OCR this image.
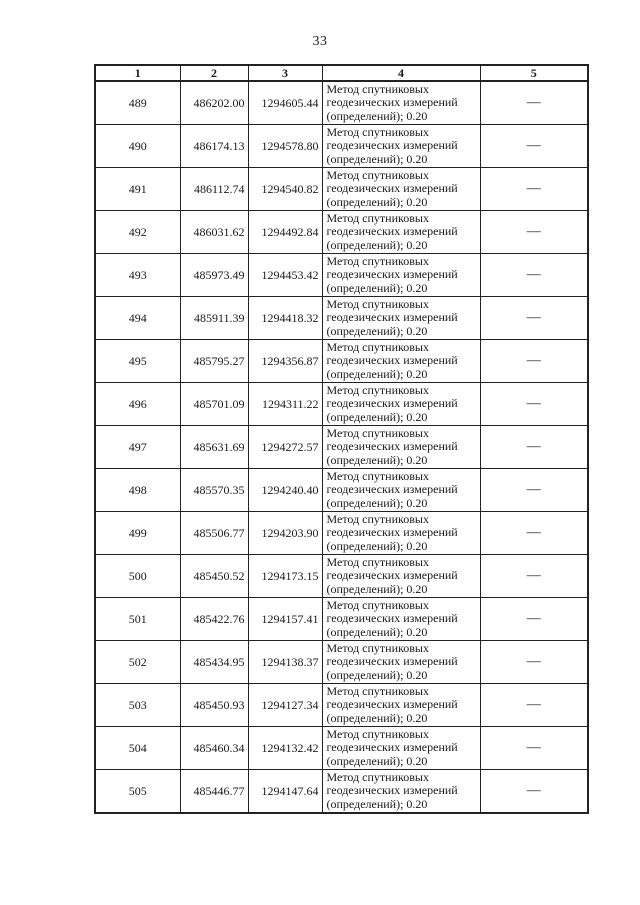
33
1	2	3	4	5
489	486202.00	1294605.44	Метод спутниковых
геодезических измерений
(определений); 0.20	—
490	486174.13	1294578.80	Метод спутниковых
геодезических измерений
(определений); 0.20	—
491	486112.74	1294540.82	Метод спутниковых
геодезических измерений
(определений); 0.20	—
492	486031.62	1294492.84	Метод спутниковых
геодезических измерений
(определений); 0.20	—
493	485973.49	1294453.42	Метод спутниковых
геодезических измерений
(определений); 0.20	—
494	485911.39	1294418.32	Метод спутниковых
геодезических измерений
(определений); 0.20	—
495	485795.27	1294356.87	Метод спутниковых
геодезических измерений
(определений); 0.20	—
496	485701.09	1294311.22	Метод спутниковых
геодезических измерений
(определений); 0.20	—
497	485631.69	1294272.57	Метод спутниковых
геодезических измерений
(определений); 0.20	—
498	485570.35	1294240.40	Метод спутниковых
геодезических измерений
(определений); 0.20	—
499	485506.77	1294203.90	Метод спутниковых
геодезических измерений
(определений); 0.20	—
500	485450.52	1294173.15	Метод спутниковых
геодезических измерений
(определений); 0.20	—
501	485422.76	1294157.41	Метод спутниковых
геодезических измерений
(определений); 0.20	—
502	485434.95	1294138.37	Метод спутниковых
геодезических измерений
(определений); 0.20	—
503	485450.93	1294127.34	Метод спутниковых
геодезических измерений
(определений); 0.20	—
504	485460.34	1294132.42	Метод спутниковых
геодезических измерений
(определений); 0.20	—
505	485446.77	1294147.64	Метод спутниковых
геодезических измерений
(определений); 0.20	—
